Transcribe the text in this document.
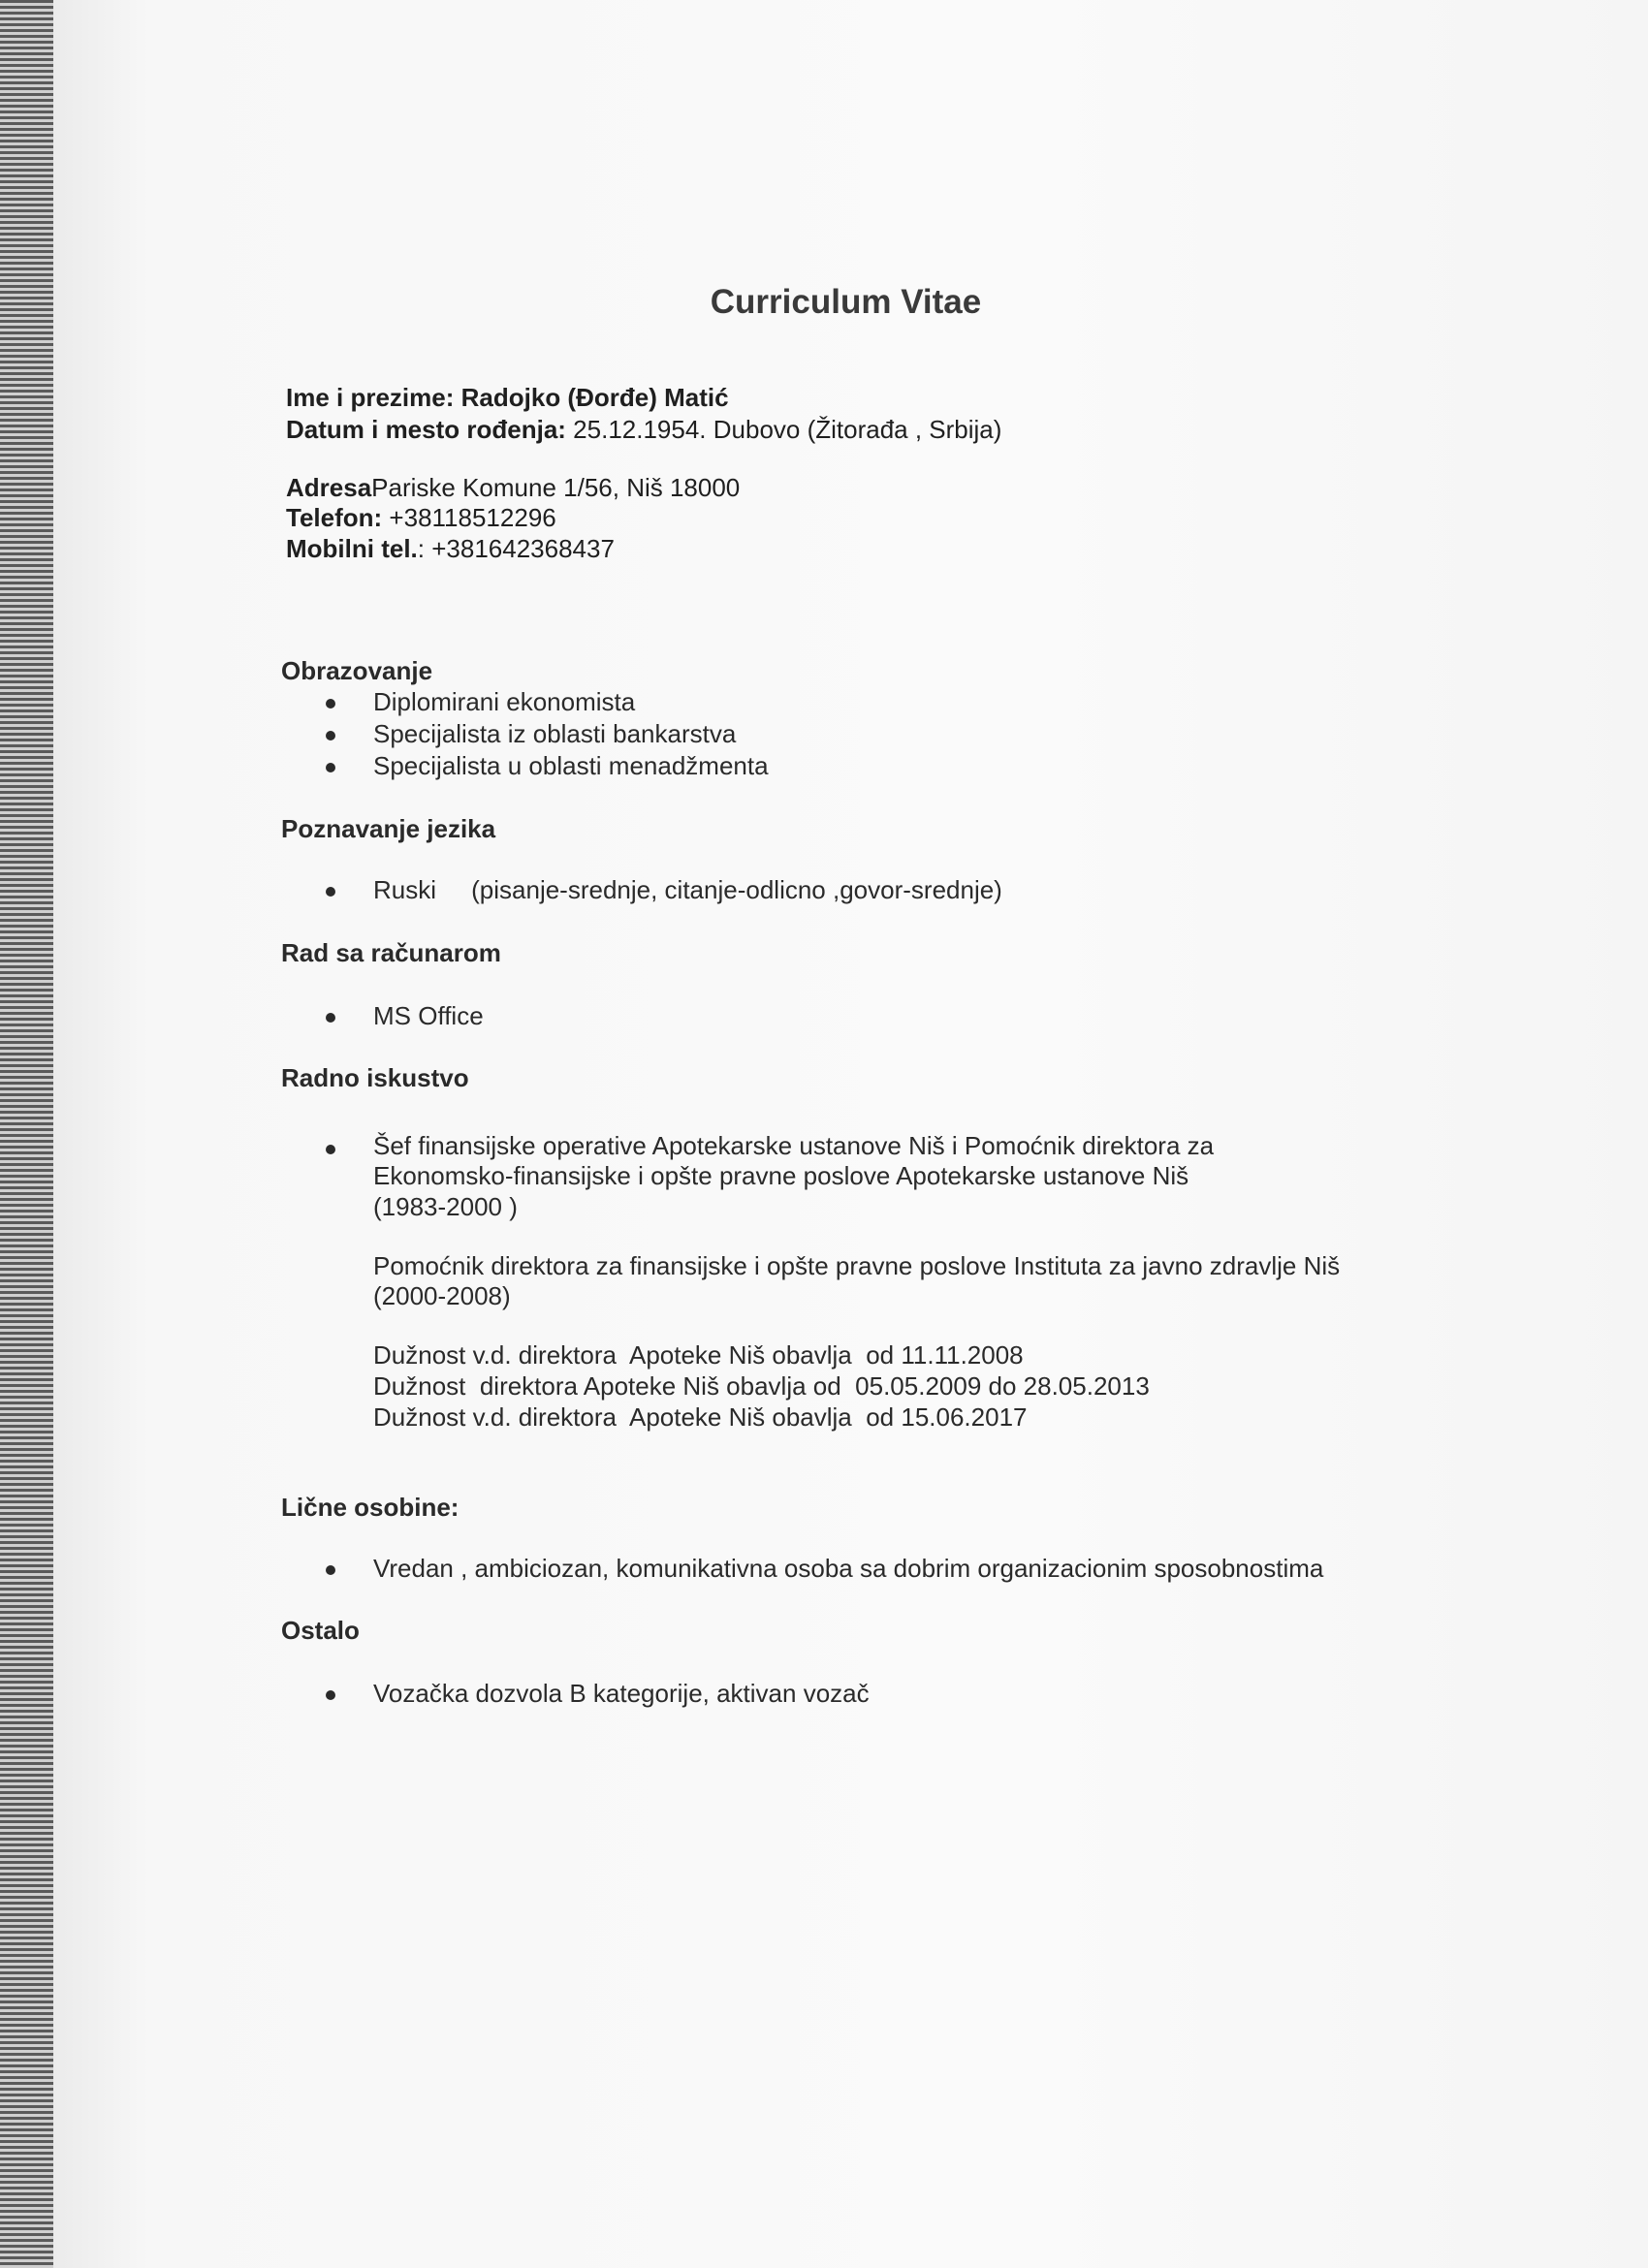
Curriculum Vitae
Ime i prezime: Radojko (Đorđe) Matić
Datum i mesto rođenja: 25.12.1954. Dubovo (Žitorađa , Srbija)
AdresaPariske Komune 1/56, Niš 18000
Telefon: +38118512296
Mobilni tel.: +381642368437
Obrazovanje
Diplomirani ekonomista
Specijalista iz oblasti bankarstva
Specijalista u oblasti menadžmenta
Poznavanje jezika
Ruski     (pisanje-srednje, citanje-odlicno ,govor-srednje)
Rad sa računarom
MS Office
Radno iskustvo
Šef finansijske operative Apotekarske ustanove Niš i Pomoćnik direktora za
Ekonomsko-finansijske i opšte pravne poslove Apotekarske ustanove Niš
(1983-2000 )
Pomoćnik direktora za finansijske i opšte pravne poslove Instituta za javno zdravlje Niš
(2000-2008)
Dužnost v.d. direktora  Apoteke Niš obavlja  od 11.11.2008
Dužnost  direktora Apoteke Niš obavlja od  05.05.2009 do 28.05.2013
Dužnost v.d. direktora  Apoteke Niš obavlja  od 15.06.2017
Lične osobine:
Vredan , ambiciozan, komunikativna osoba sa dobrim organizacionim sposobnostima
Ostalo
Vozačka dozvola B kategorije, aktivan vozač
